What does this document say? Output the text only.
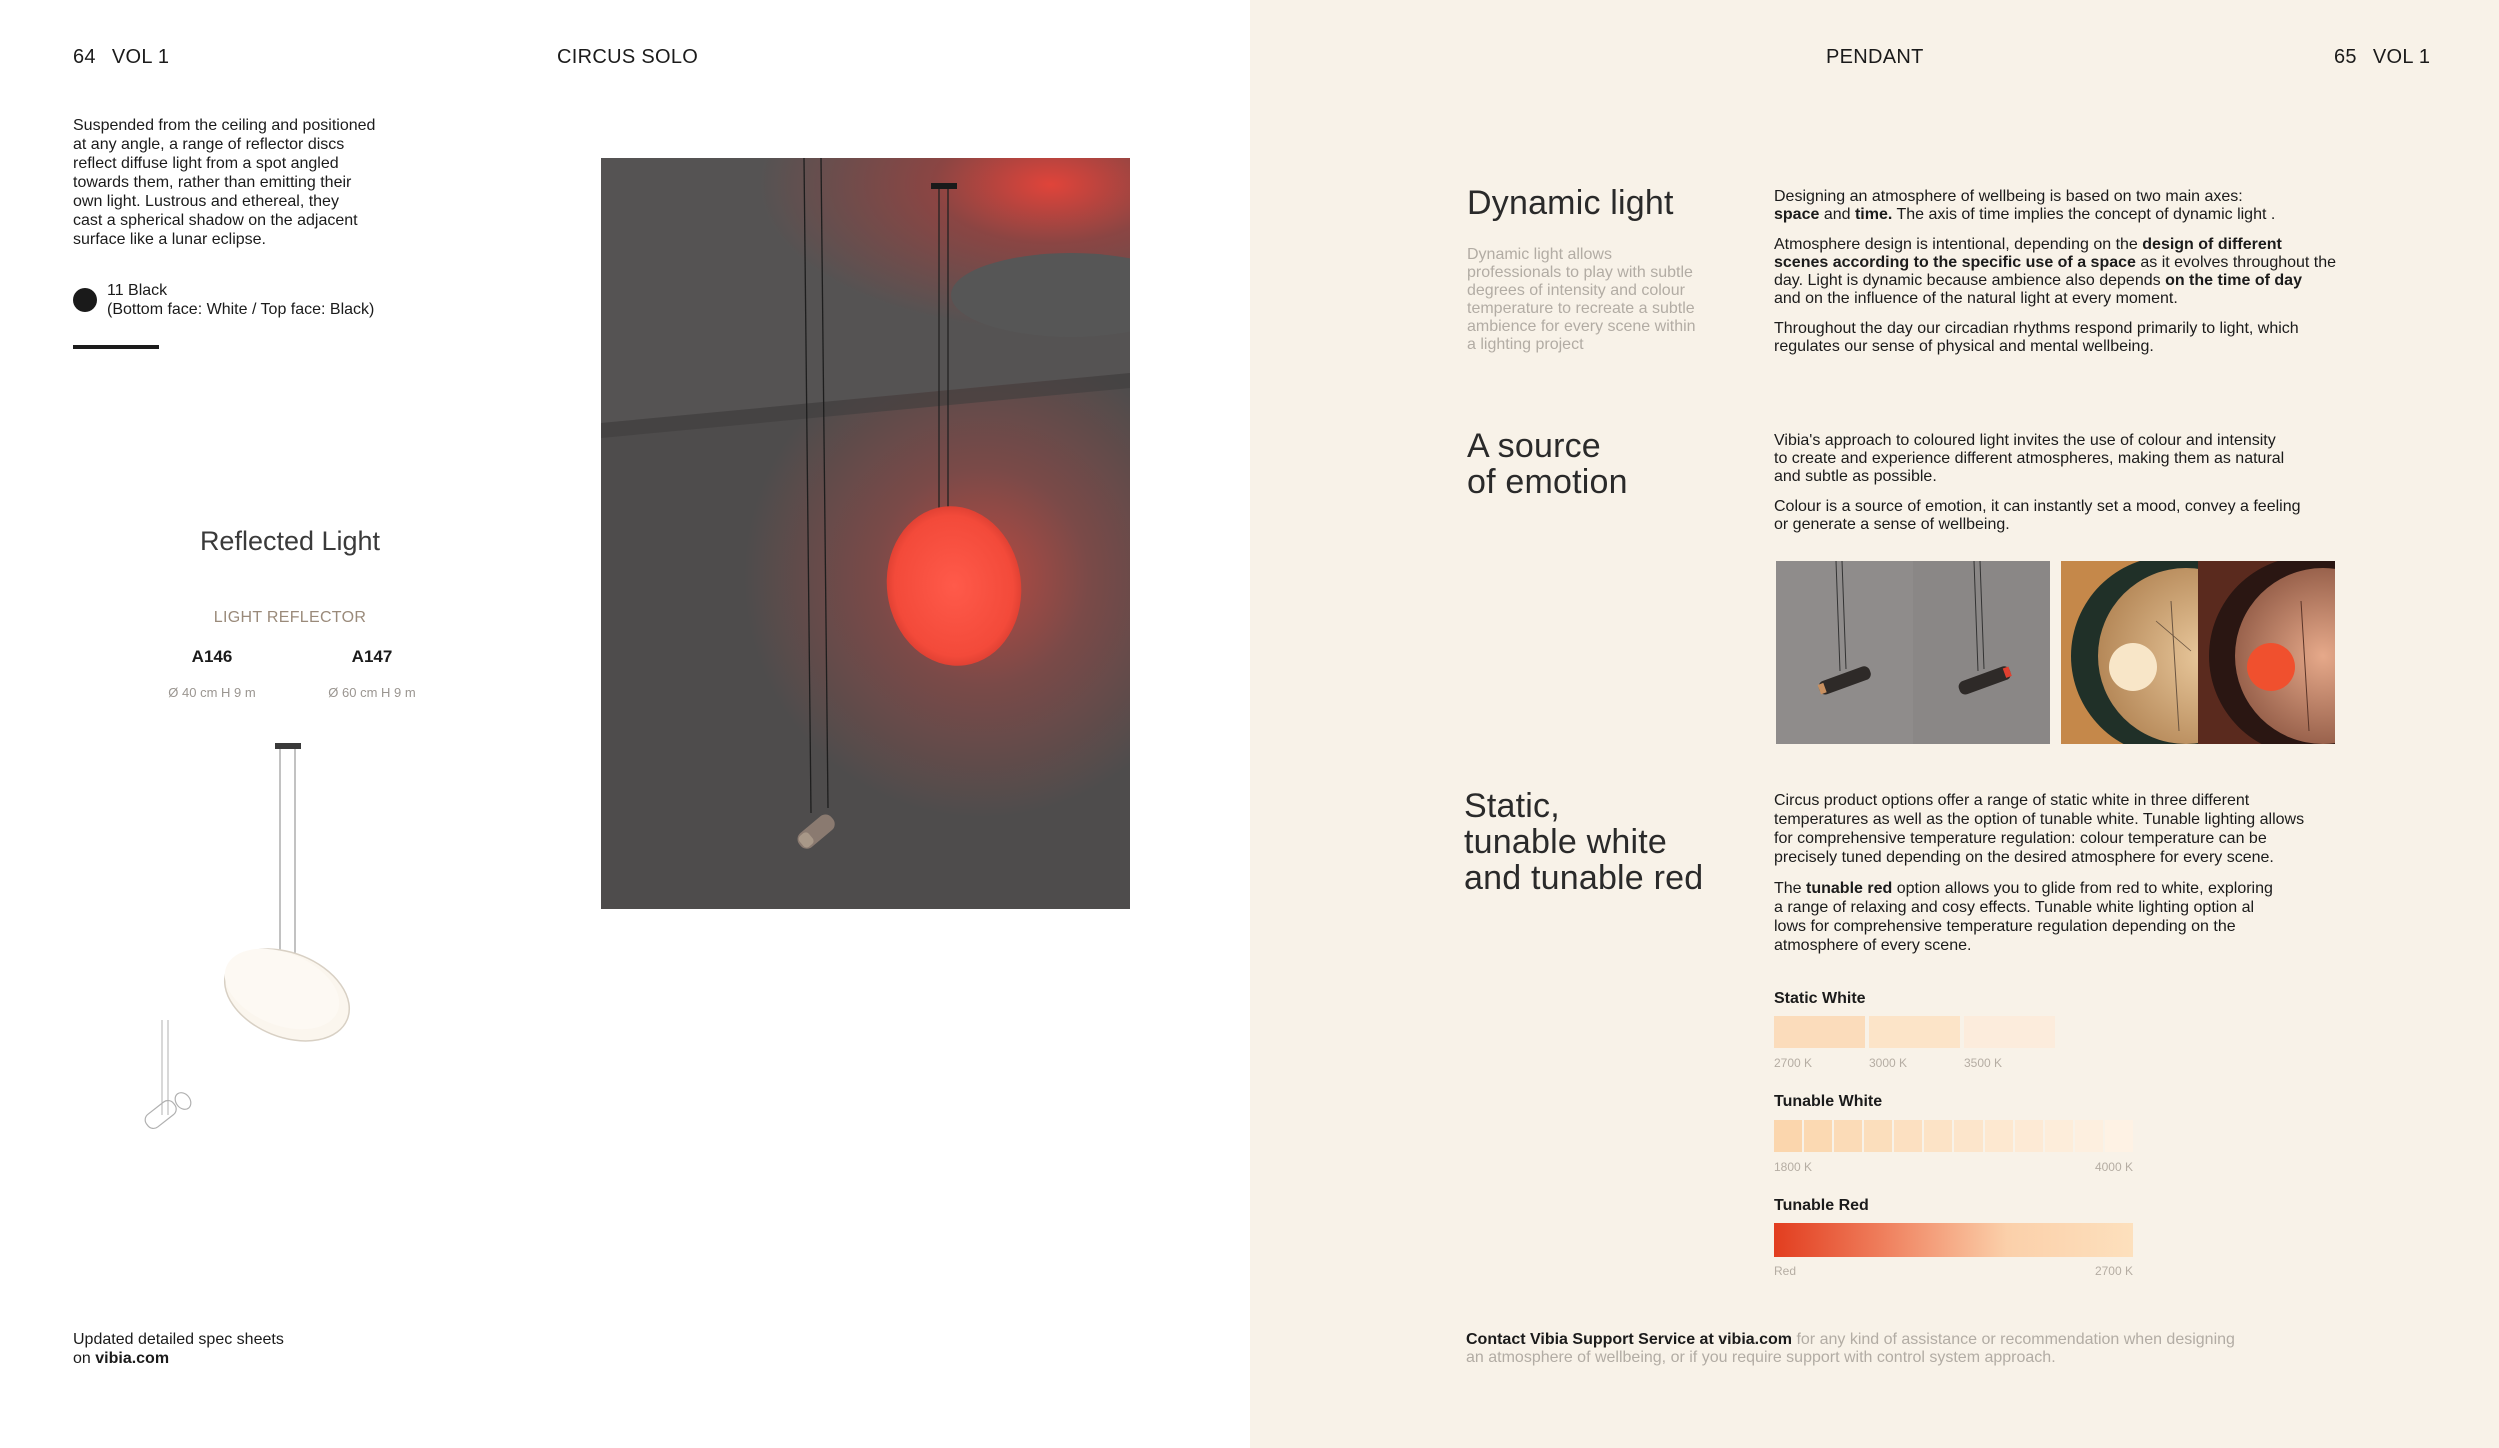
64 VOL 1	CIRCUS SOLO
Suspended from the ceiling and positioned
at any angle, a range of reflector discs
reflect diffuse light from a spot angled
towards them, rather than emitting their
own light. Lustrous and ethereal, they
cast a spherical shadow on the adjacent
surface like a lunar eclipse.
11 Black
(Bottom face: White / Top face: Black)
Reflected Light
LIGHT REFLECTOR
A146	A147
Ø 40 cm H 9 m	Ø 60 cm H 9 m
Updated detailed spec sheets
on vibia.com
PENDANT	65 VOL 1
Dynamic light
Dynamic light allows
professionals to play with subtle
degrees of intensity and colour
temperature to recreate a subtle
ambience for every scene within
a lighting project

Designing an atmosphere of wellbeing is based on two main axes:
space and time. The axis of time implies the concept of dynamic light .

Atmosphere design is intentional, depending on the design of different
scenes according to the specific use of a space as it evolves throughout the
day. Light is dynamic because ambience also depends on the time of day
and on the influence of the natural light at every moment.

Throughout the day our circadian rhythms respond primarily to light, which
regulates our sense of physical and mental wellbeing.

A source
of emotion

Vibia's approach to coloured light invites the use of colour and intensity
to create and experience different atmospheres, making them as natural
and subtle as possible.

Colour is a source of emotion, it can instantly set a mood, convey a feeling
or generate a sense of wellbeing.

Static,
tunable white
and tunable red

Circus product options offer a range of static white in three different
temperatures as well as the option of tunable white. Tunable lighting allows
for comprehensive temperature regulation: colour temperature can be
precisely tuned depending on the desired atmosphere for every scene.

The tunable red option allows you to glide from red to white, exploring
a range of relaxing and cosy effects. Tunable white lighting option al
lows for comprehensive temperature regulation depending on the
atmosphere of every scene.

Static White
2700 K	3000 K	3500 K
Tunable White
1800 K	4000 K
Tunable Red
Red	2700 K
Contact Vibia Support Service at vibia.com for any kind of assistance or recommendation when designing
an atmosphere of wellbeing, or if you require support with control system approach.
